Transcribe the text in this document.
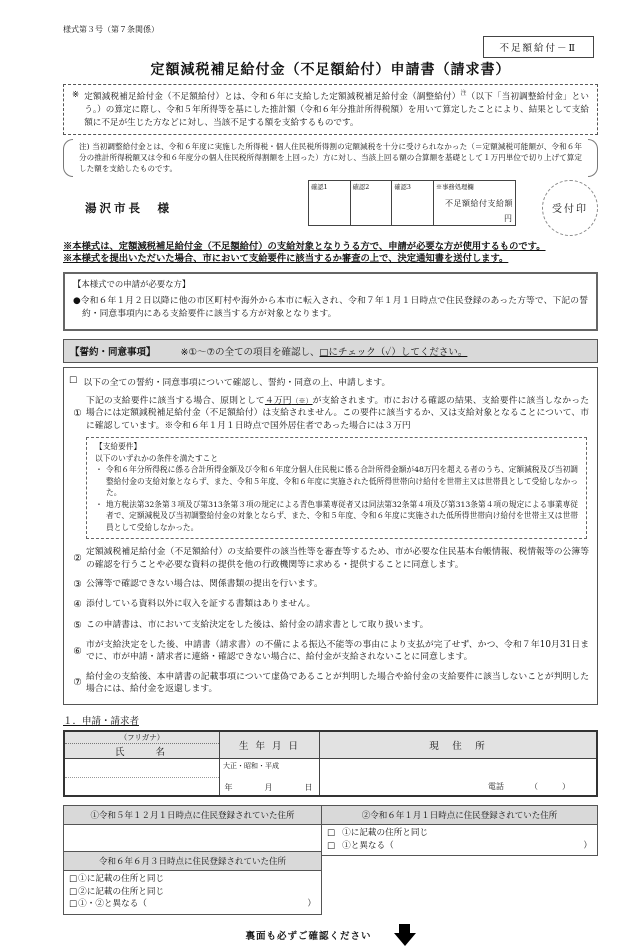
様式第３号（第７条関係）
不足額給付－Ⅱ
定額減税補足給付金（不足額給付）申請書（請求書）
※ 定額減税補足給付金（不足額給付）とは、令和６年に支給した定額減税補足給付金（調整給付）$^注$（以下「当初調整給付金」という。）の算定に際し、令和５年所得等を基にした推計額（令和６年分推計所得税額）を用いて算定したことにより、結果として支給額に不足が生じた方などに対し、当該不足する額を支給するものです。
注) 当初調整給付金とは、令和６年度に実施した所得税・個人住民税所得割の定額減税を十分に受けられなかった（＝定額減税可能額が、令和６年分の推計所得税額又は令和６年度分の個人住民税所得割額を上回った）方に対し、当該上回る額の合算額を基礎として１万円単位で切り上げて算定した額を支給したものです。
湯沢市長　様
確認1	確認2	確認3	※事務処理欄
不足額給付支給額
円
受付印
※本様式は、定額減税補足給付金（不足額給付）の支給対象となりうる方で、申請が必要な方が使用するものです。
※本様式を提出いただいた場合、市において支給要件に該当するか審査の上で、決定通知書を送付します。
【本様式での申請が必要な方】
●令和６年１月２日以降に他の市区町村や海外から本市に転入され、令和７年１月１日時点で住民登録のあった方等で、下記の誓約・同意事項内にある支給要件に該当する方が対象となります。
【誓約・同意事項】	※①～⑦の全ての項目を確認し、□にチェック（✓）してください。
□ 以下の全ての誓約・同意事項について確認し、誓約・同意の上、申請します。
①
下記の支給要件に該当する場合、原則として４万円（※）が支給されます。市における確認の結果、支給要件に該当しなかった場合には定額減税補足給付金（不足額給付）は支給されません。この要件に該当するか、又は支給対象となることについて、市に確認しています。※令和６年１月１日時点で国外居住者であった場合には３万円
【支給要件】
以下のいずれかの条件を満たすこと
・ 令和６年分所得税に係る合計所得金額及び令和６年度分個人住民税に係る合計所得金額が48万円を超える者のうち、定額減税及び当初調整給付金の支給対象とならず、また、令和５年度、令和６年度に実施された低所得世帯向け給付を世帯主又は世帯員として受給しなかった。
・ 地方税法第32条第３項及び第313条第３項の規定による青色事業専従者又は同法第32条第４項及び第313条第４項の規定による事業専従者で、定額減税及び当初調整給付金の対象とならず、また、令和５年度、令和６年度に実施された低所得世帯向け給付を世帯主又は世帯員として受給しなかった。
②
定額減税補足給付金（不足額給付）の支給要件の該当性等を審査等するため、市が必要な住民基本台帳情報、税情報等の公簿等の確認を行うことや必要な資料の提供を他の行政機関等に求める・提供することに同意します。
③ 公簿等で確認できない場合は、関係書類の提出を行います。
④ 添付している資料以外に収入を証する書類はありません。
⑤ この申請書は、市において支給決定をした後は、給付金の請求書として取り扱います。
⑥
市が支給決定をした後、申請書（請求書）の不備による振込不能等の事由により支払が完了せず、かつ、令和７年10月31日までに、市が申請・請求者に連絡・確認できない場合に、給付金が支給されないことに同意します。
⑦
給付金の支給後、本申請書の記載事項について虚偽であることが判明した場合や給付金の支給要件に該当しないことが判明した場合には、給付金を返還します。
１．申請・請求者
（フリガナ）
氏　　名
生 年 月 日	現　住　所
大正・昭和・平成
年　　　月　　　日	電話	（　　　）
①令和５年１２月１日時点に住民登録されていた住所
令和６年６月３日時点に住民登録されていた住所
□ ①に記載の住所と同じ
□ ②に記載の住所と同じ
□ ①・②と異なる（	）
②令和６年１月１日時点に住民登録されていた住所
□ ①に記載の住所と同じ
□ ①と異なる（	）
裏面も必ずご確認ください
